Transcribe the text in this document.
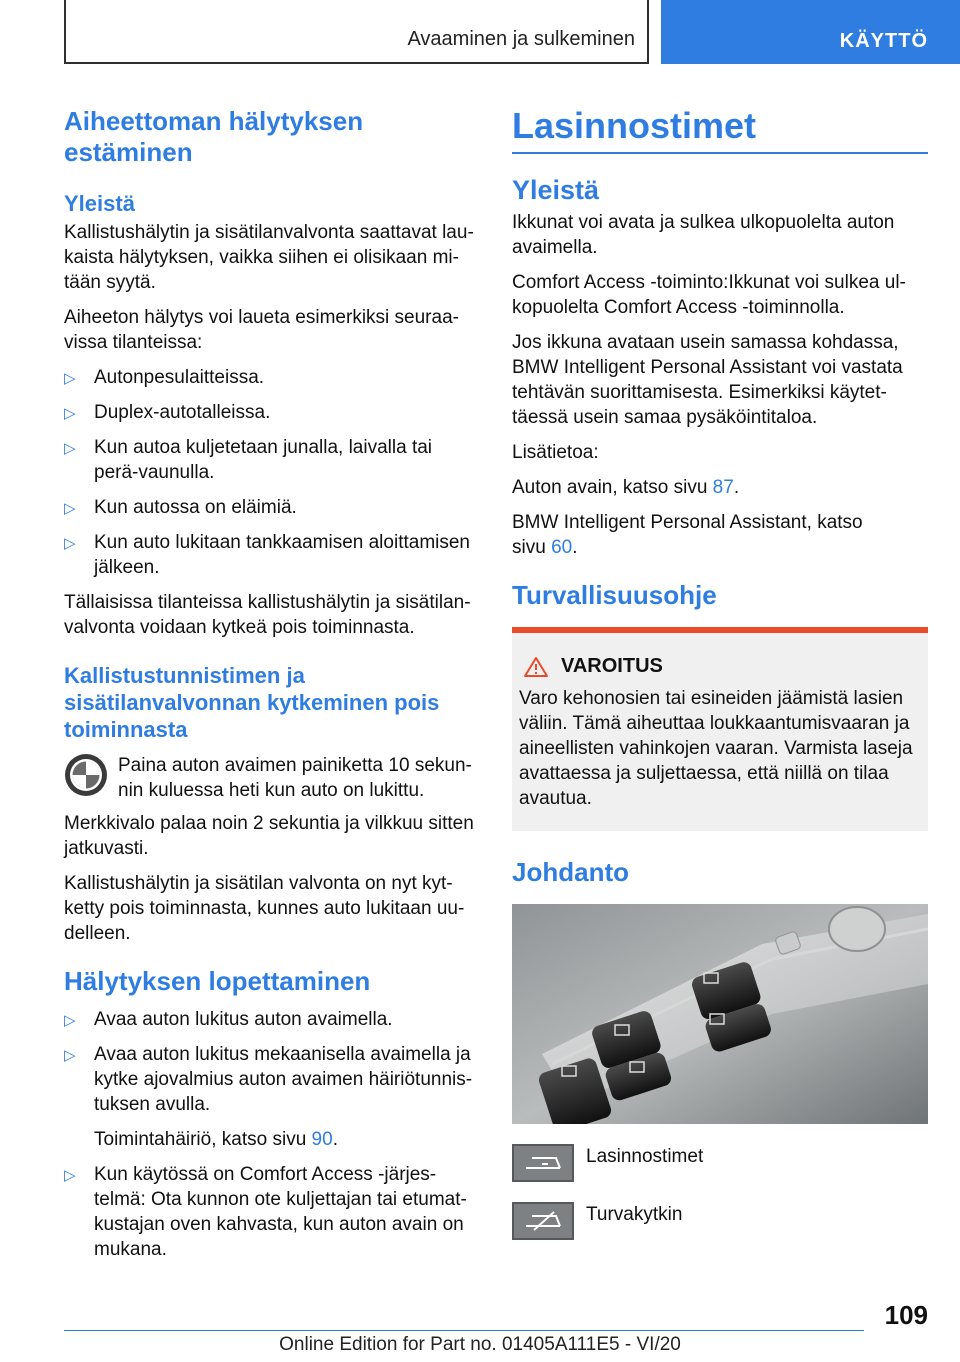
Avaaminen ja sulkeminen	KÄYTTÖ
Aiheettoman hälytyksen estäminen
Yleistä

Kallistushälytin ja sisätilanvalvonta saattavat lau-kaista hälytyksen, vaikka siihen ei olisikaan mi-tään syytä.

Aiheeton hälytys voi laueta esimerkiksi seuraa-vissa tilanteissa:

▷ Autonpesulaitteissa.
▷ Duplex-autotalleissa.
▷ Kun autoa kuljetetaan junalla, laivalla tai perä-vaunulla.
▷ Kun autossa on eläimiä.
▷ Kun auto lukitaan tankkaamisen aloittamisen jälkeen.

Tällaisissa tilanteissa kallistushälytin ja sisätilan-valvonta voidaan kytkeä pois toiminnasta.

Kallistustunnistimen ja sisätilanvalvonnan kytkeminen pois toiminnasta
Paina auton avaimen painiketta 10 sekun-nin kuluessa heti kun auto on lukittu.

Merkkivalo palaa noin 2 sekuntia ja vilkkuu sitten jatkuvasti.

Kallistushälytin ja sisätilan valvonta on nyt kyt-ketty pois toiminnasta, kunnes auto lukitaan uu-delleen.

Hälytyksen lopettaminen
▷ Avaa auton lukitus auton avaimella.
▷ Avaa auton lukitus mekaanisella avaimella ja kytke ajovalmius auton avaimen häiriötunnis-tuksen avulla.
Toimintahäiriö, katso sivu 90.
▷ Kun käytössä on Comfort Access -järjes-telmä: Ota kunnon ote kuljettajan tai etumat-kustajan oven kahvasta, kun auton avain on mukana.
Lasinnostimet
Yleistä

Ikkunat voi avata ja sulkea ulkopuolelta auton avaimella.

Comfort Access -toiminto:Ikkunat voi sulkea ul-kopuolelta Comfort Access -toiminnolla.

Jos ikkuna avataan usein samassa kohdassa, BMW Intelligent Personal Assistant voi vastata tehtävän suorittamisesta. Esimerkiksi käytet-täessä usein samaa pysäköintitaloa.

Lisätietoa:

Auton avain, katso sivu 87.

BMW Intelligent Personal Assistant, katso sivu 60.

Turvallisuusohje
VAROITUS

Varo kehonosien tai esineiden jäämistä lasien väliin. Tämä aiheuttaa loukkaantumisvaaran ja aineellisten vahinkojen vaaran. Varmista laseja avattaessa ja suljettaessa, että niillä on tilaa avautua.

Johdanto
Lasinnostimet
Turvakytkin
109
Online Edition for Part no. 01405A111E5 - VI/20
